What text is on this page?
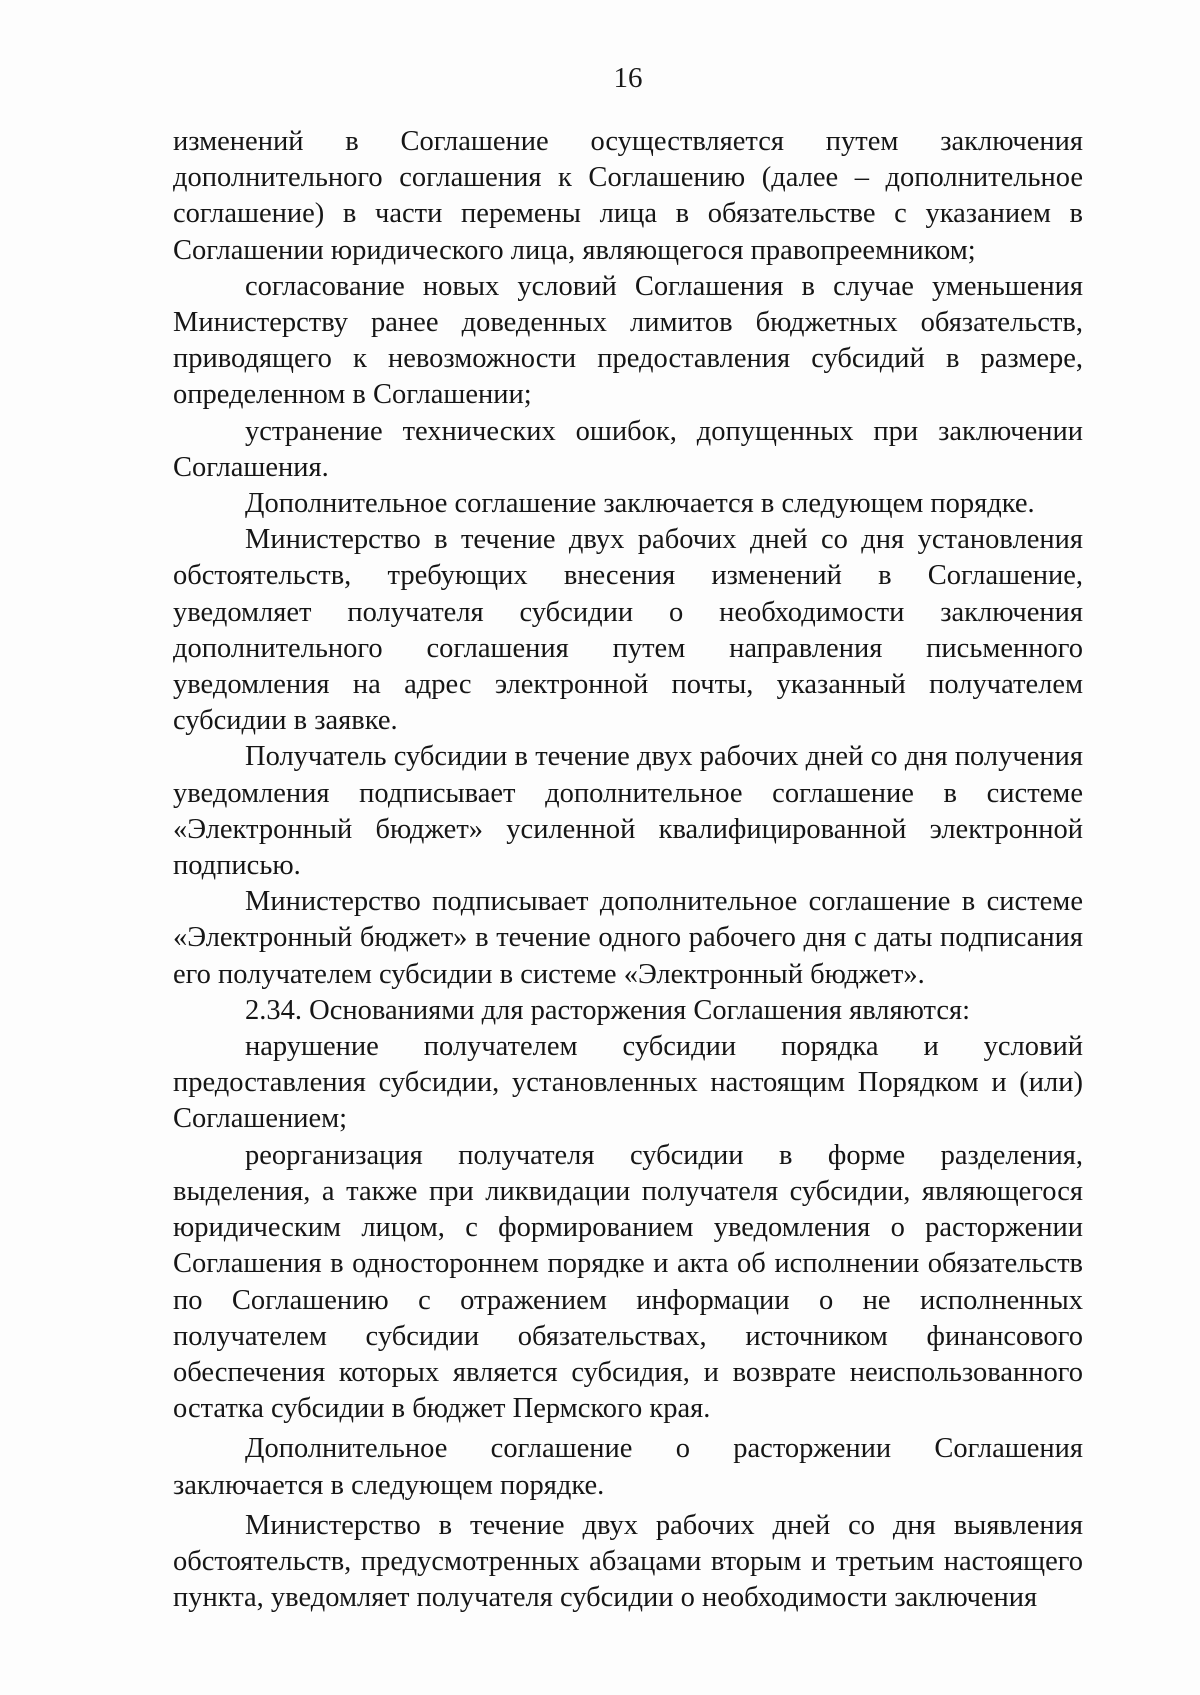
16

изменений в Соглашение осуществляется путем заключения дополнительного соглашения к Соглашению (далее – дополнительное соглашение) в части перемены лица в обязательстве с указанием в Соглашении юридического лица, являющегося правопреемником;

согласование новых условий Соглашения в случае уменьшения Министерству ранее доведенных лимитов бюджетных обязательств, приводящего к невозможности предоставления субсидий в размере, определенном в Соглашении;

устранение технических ошибок, допущенных при заключении Соглашения.

Дополнительное соглашение заключается в следующем порядке.

Министерство в течение двух рабочих дней со дня установления обстоятельств, требующих внесения изменений в Соглашение, уведомляет получателя субсидии о необходимости заключения дополнительного соглашения путем направления письменного уведомления на адрес электронной почты, указанный получателем субсидии в заявке.

Получатель субсидии в течение двух рабочих дней со дня получения уведомления подписывает дополнительное соглашение в системе «Электронный бюджет» усиленной квалифицированной электронной подписью.

Министерство подписывает дополнительное соглашение в системе «Электронный бюджет» в течение одного рабочего дня с даты подписания его получателем субсидии в системе «Электронный бюджет».

2.34. Основаниями для расторжения Соглашения являются:

нарушение получателем субсидии порядка и условий предоставления субсидии, установленных настоящим Порядком и (или) Соглашением;

реорганизация получателя субсидии в форме разделения, выделения, а также при ликвидации получателя субсидии, являющегося юридическим лицом, с формированием уведомления о расторжении Соглашения в одностороннем порядке и акта об исполнении обязательств по Соглашению с отражением информации о не исполненных получателем субсидии обязательствах, источником финансового обеспечения которых является субсидия, и возврате неиспользованного остатка субсидии в бюджет Пермского края.

Дополнительное соглашение о расторжении Соглашения заключается в следующем порядке.

Министерство в течение двух рабочих дней со дня выявления обстоятельств, предусмотренных абзацами вторым и третьим настоящего пункта, уведомляет получателя субсидии о необходимости заключения
